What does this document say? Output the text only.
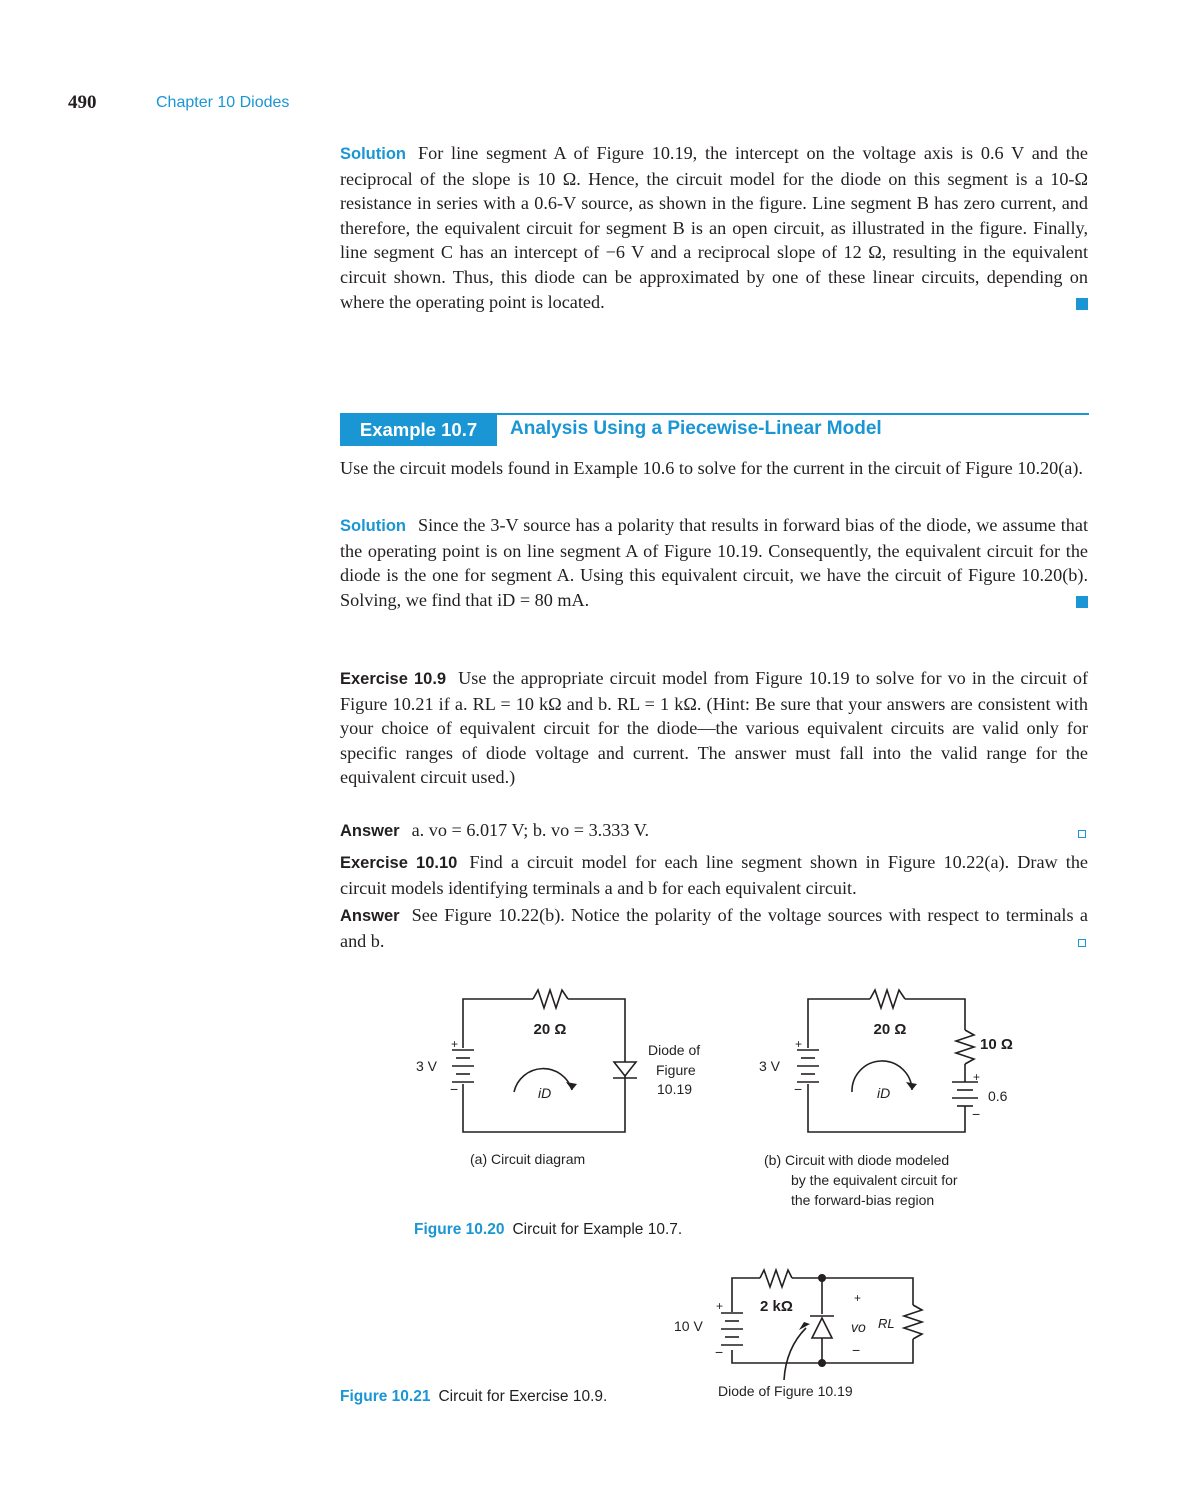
490	Chapter 10 Diodes

Solution For line segment A of Figure 10.19, the intercept on the voltage axis is 0.6 V and the reciprocal of the slope is 10 Ω. Hence, the circuit model for the diode on this segment is a 10-Ω resistance in series with a 0.6-V source, as shown in the figure. Line segment B has zero current, and therefore, the equivalent circuit for segment B is an open circuit, as illustrated in the figure. Finally, line segment C has an intercept of −6 V and a reciprocal slope of 12 Ω, resulting in the equivalent circuit shown. Thus, this diode can be approximated by one of these linear circuits, depending on where the operating point is located.

Example 10.7	Analysis Using a Piecewise-Linear Model

Use the circuit models found in Example 10.6 to solve for the current in the circuit of Figure 10.20(a).

Solution Since the 3-V source has a polarity that results in forward bias of the diode, we assume that the operating point is on line segment A of Figure 10.19. Consequently, the equivalent circuit for the diode is the one for segment A. Using this equivalent circuit, we have the circuit of Figure 10.20(b). Solving, we find that iD = 80 mA.

Exercise 10.9 Use the appropriate circuit model from Figure 10.19 to solve for vo in the circuit of Figure 10.21 if a. RL = 10 kΩ and b. RL = 1 kΩ. (Hint: Be sure that your answers are consistent with your choice of equivalent circuit for the diode—the various equivalent circuits are valid only for specific ranges of diode voltage and current. The answer must fall into the valid range for the equivalent circuit used.)

Answer a. vo = 6.017 V; b. vo = 3.333 V.

Exercise 10.10 Find a circuit model for each line segment shown in Figure 10.22(a). Draw the circuit models identifying terminals a and b for each equivalent circuit.

Answer See Figure 10.22(b). Notice the polarity of the voltage sources with respect to terminals a and b.

20 Ω
3 V
+
−	iD
Diode of
Figure
10.19
20 Ω
3 V
+
−	iD
10 Ω
0.6
+
−
10 V
+
−
2 kΩ	+
vo
−
RL
Diode of Figure 10.19
(a) Circuit diagram	(b) Circuit with diode modeled
by the equivalent circuit for
the forward-bias region
Figure 10.20 Circuit for Example 10.7.
Figure 10.21 Circuit for Exercise 10.9.
